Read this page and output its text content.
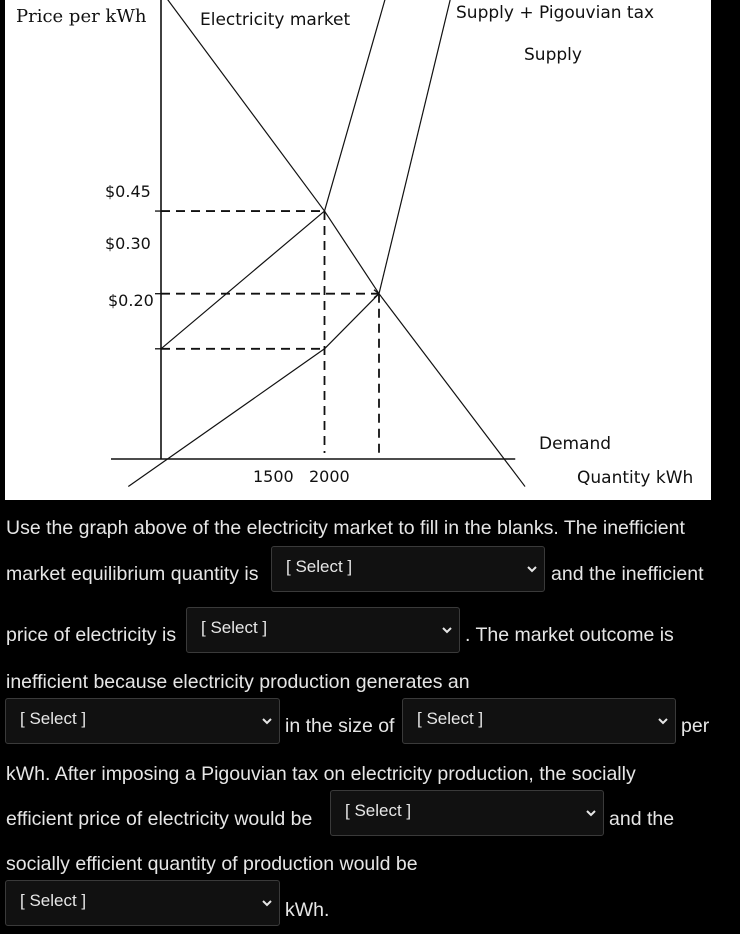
Price per kWh	Electricity market
Quantity kWh
$0.45
$0.30
$0.20
1500 2000
Supply + Pigouvian tax
Supply
Demand
Use the graph above of the electricity market to fill in the blanks. The inefficient
market equilibrium quantity is [ Select ]	and the inefficient
price of electricity is [ Select ]	. The market outcome is
inefficient because electricity production generates an
[ Select ]	in the size of [ Select ]	per
kWh. After imposing a Pigouvian tax on electricity production, the socially
efficient price of electricity would be [ Select ]	and the
socially efficient quantity of production would be
[ Select ]	kWh.
